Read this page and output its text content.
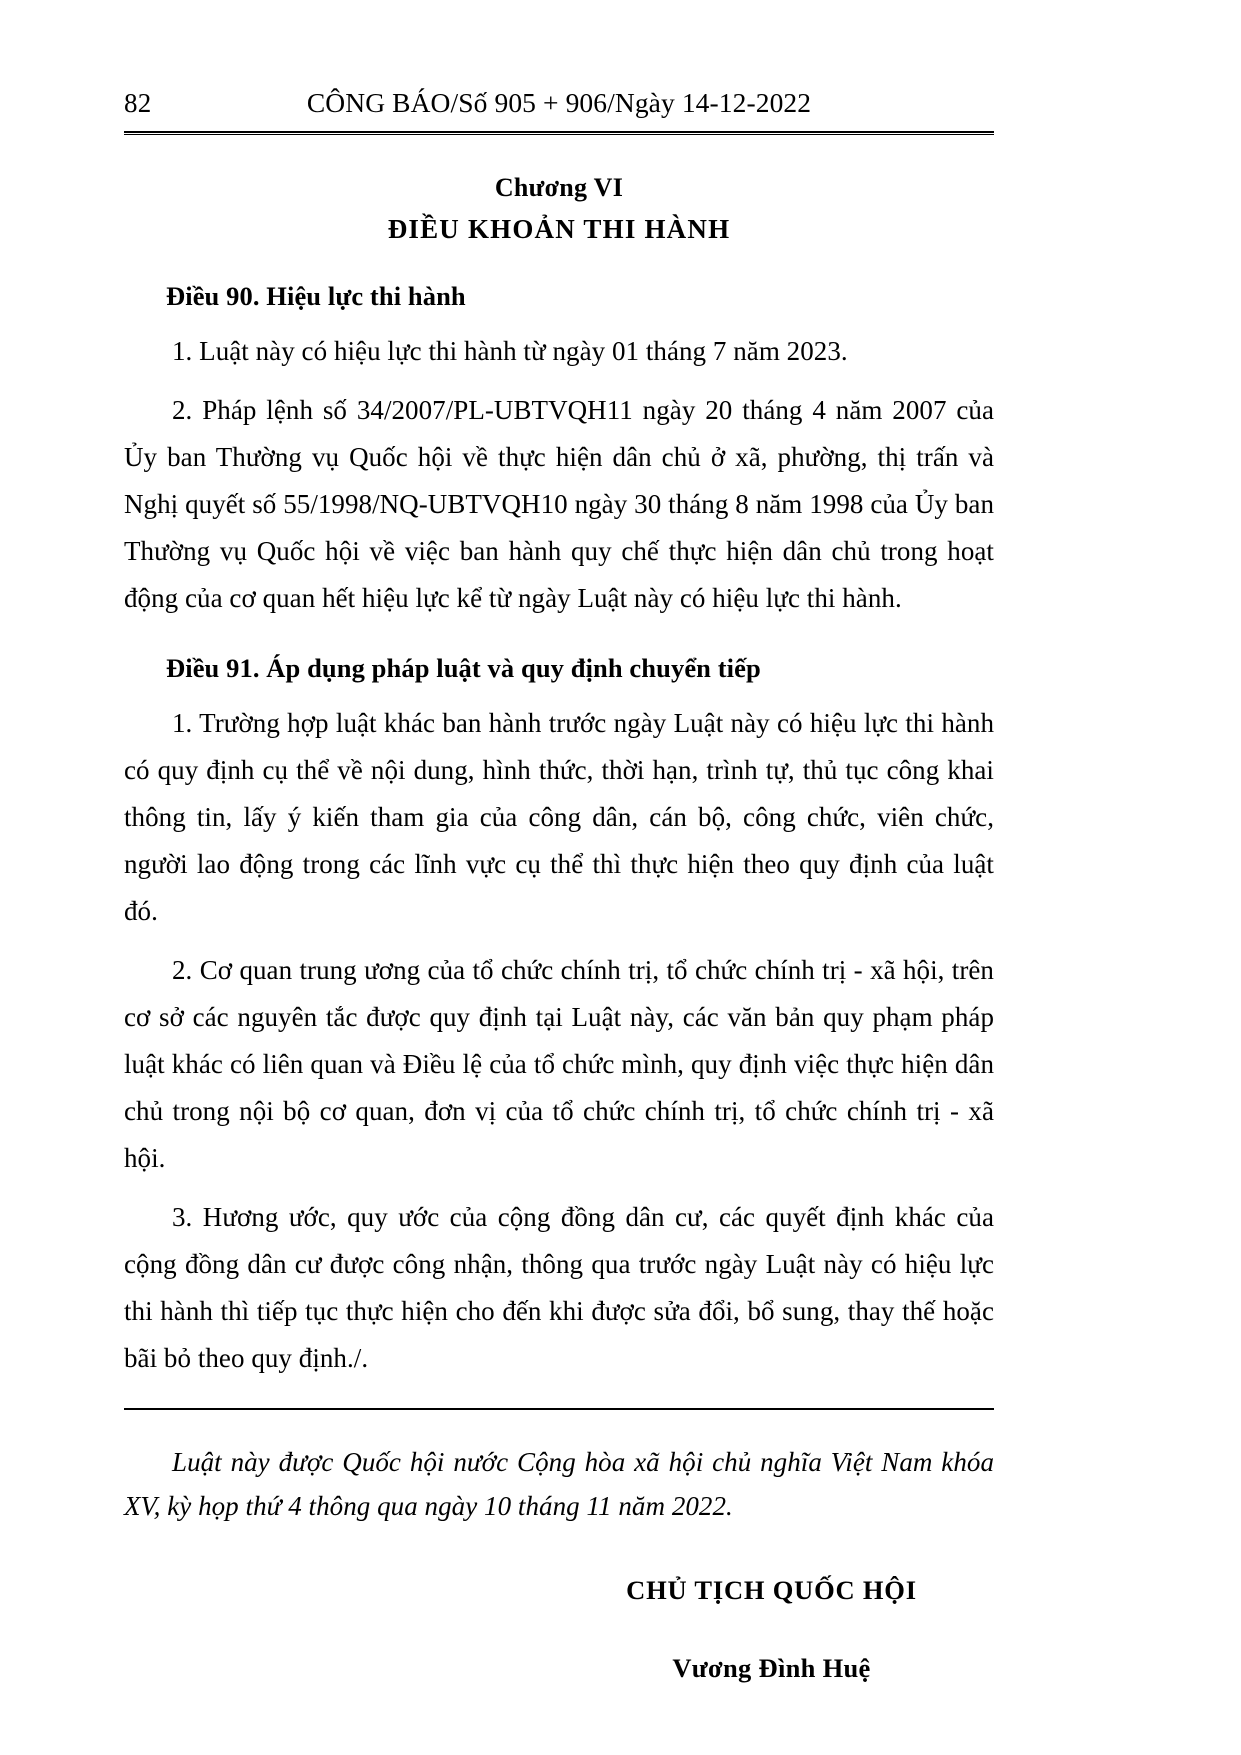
82	CÔNG BÁO/Số 905 + 906/Ngày 14-12-2022
Chương VI
ĐIỀU KHOẢN THI HÀNH
Điều 90. Hiệu lực thi hành

1. Luật này có hiệu lực thi hành từ ngày 01 tháng 7 năm 2023.

2. Pháp lệnh số 34/2007/PL-UBTVQH11 ngày 20 tháng 4 năm 2007 của Ủy ban Thường vụ Quốc hội về thực hiện dân chủ ở xã, phường, thị trấn và Nghị quyết số 55/1998/NQ-UBTVQH10 ngày 30 tháng 8 năm 1998 của Ủy ban Thường vụ Quốc hội về việc ban hành quy chế thực hiện dân chủ trong hoạt động của cơ quan hết hiệu lực kể từ ngày Luật này có hiệu lực thi hành.

Điều 91. Áp dụng pháp luật và quy định chuyển tiếp

1. Trường hợp luật khác ban hành trước ngày Luật này có hiệu lực thi hành có quy định cụ thể về nội dung, hình thức, thời hạn, trình tự, thủ tục công khai thông tin, lấy ý kiến tham gia của công dân, cán bộ, công chức, viên chức, người lao động trong các lĩnh vực cụ thể thì thực hiện theo quy định của luật đó.

2. Cơ quan trung ương của tổ chức chính trị, tổ chức chính trị - xã hội, trên cơ sở các nguyên tắc được quy định tại Luật này, các văn bản quy phạm pháp luật khác có liên quan và Điều lệ của tổ chức mình, quy định việc thực hiện dân chủ trong nội bộ cơ quan, đơn vị của tổ chức chính trị, tổ chức chính trị - xã hội.

3. Hương ước, quy ước của cộng đồng dân cư, các quyết định khác của cộng đồng dân cư được công nhận, thông qua trước ngày Luật này có hiệu lực thi hành thì tiếp tục thực hiện cho đến khi được sửa đổi, bổ sung, thay thế hoặc bãi bỏ theo quy định./.

Luật này được Quốc hội nước Cộng hòa xã hội chủ nghĩa Việt Nam khóa XV, kỳ họp thứ 4 thông qua ngày 10 tháng 11 năm 2022.

CHỦ TỊCH QUỐC HỘI
Vương Đình Huệ
